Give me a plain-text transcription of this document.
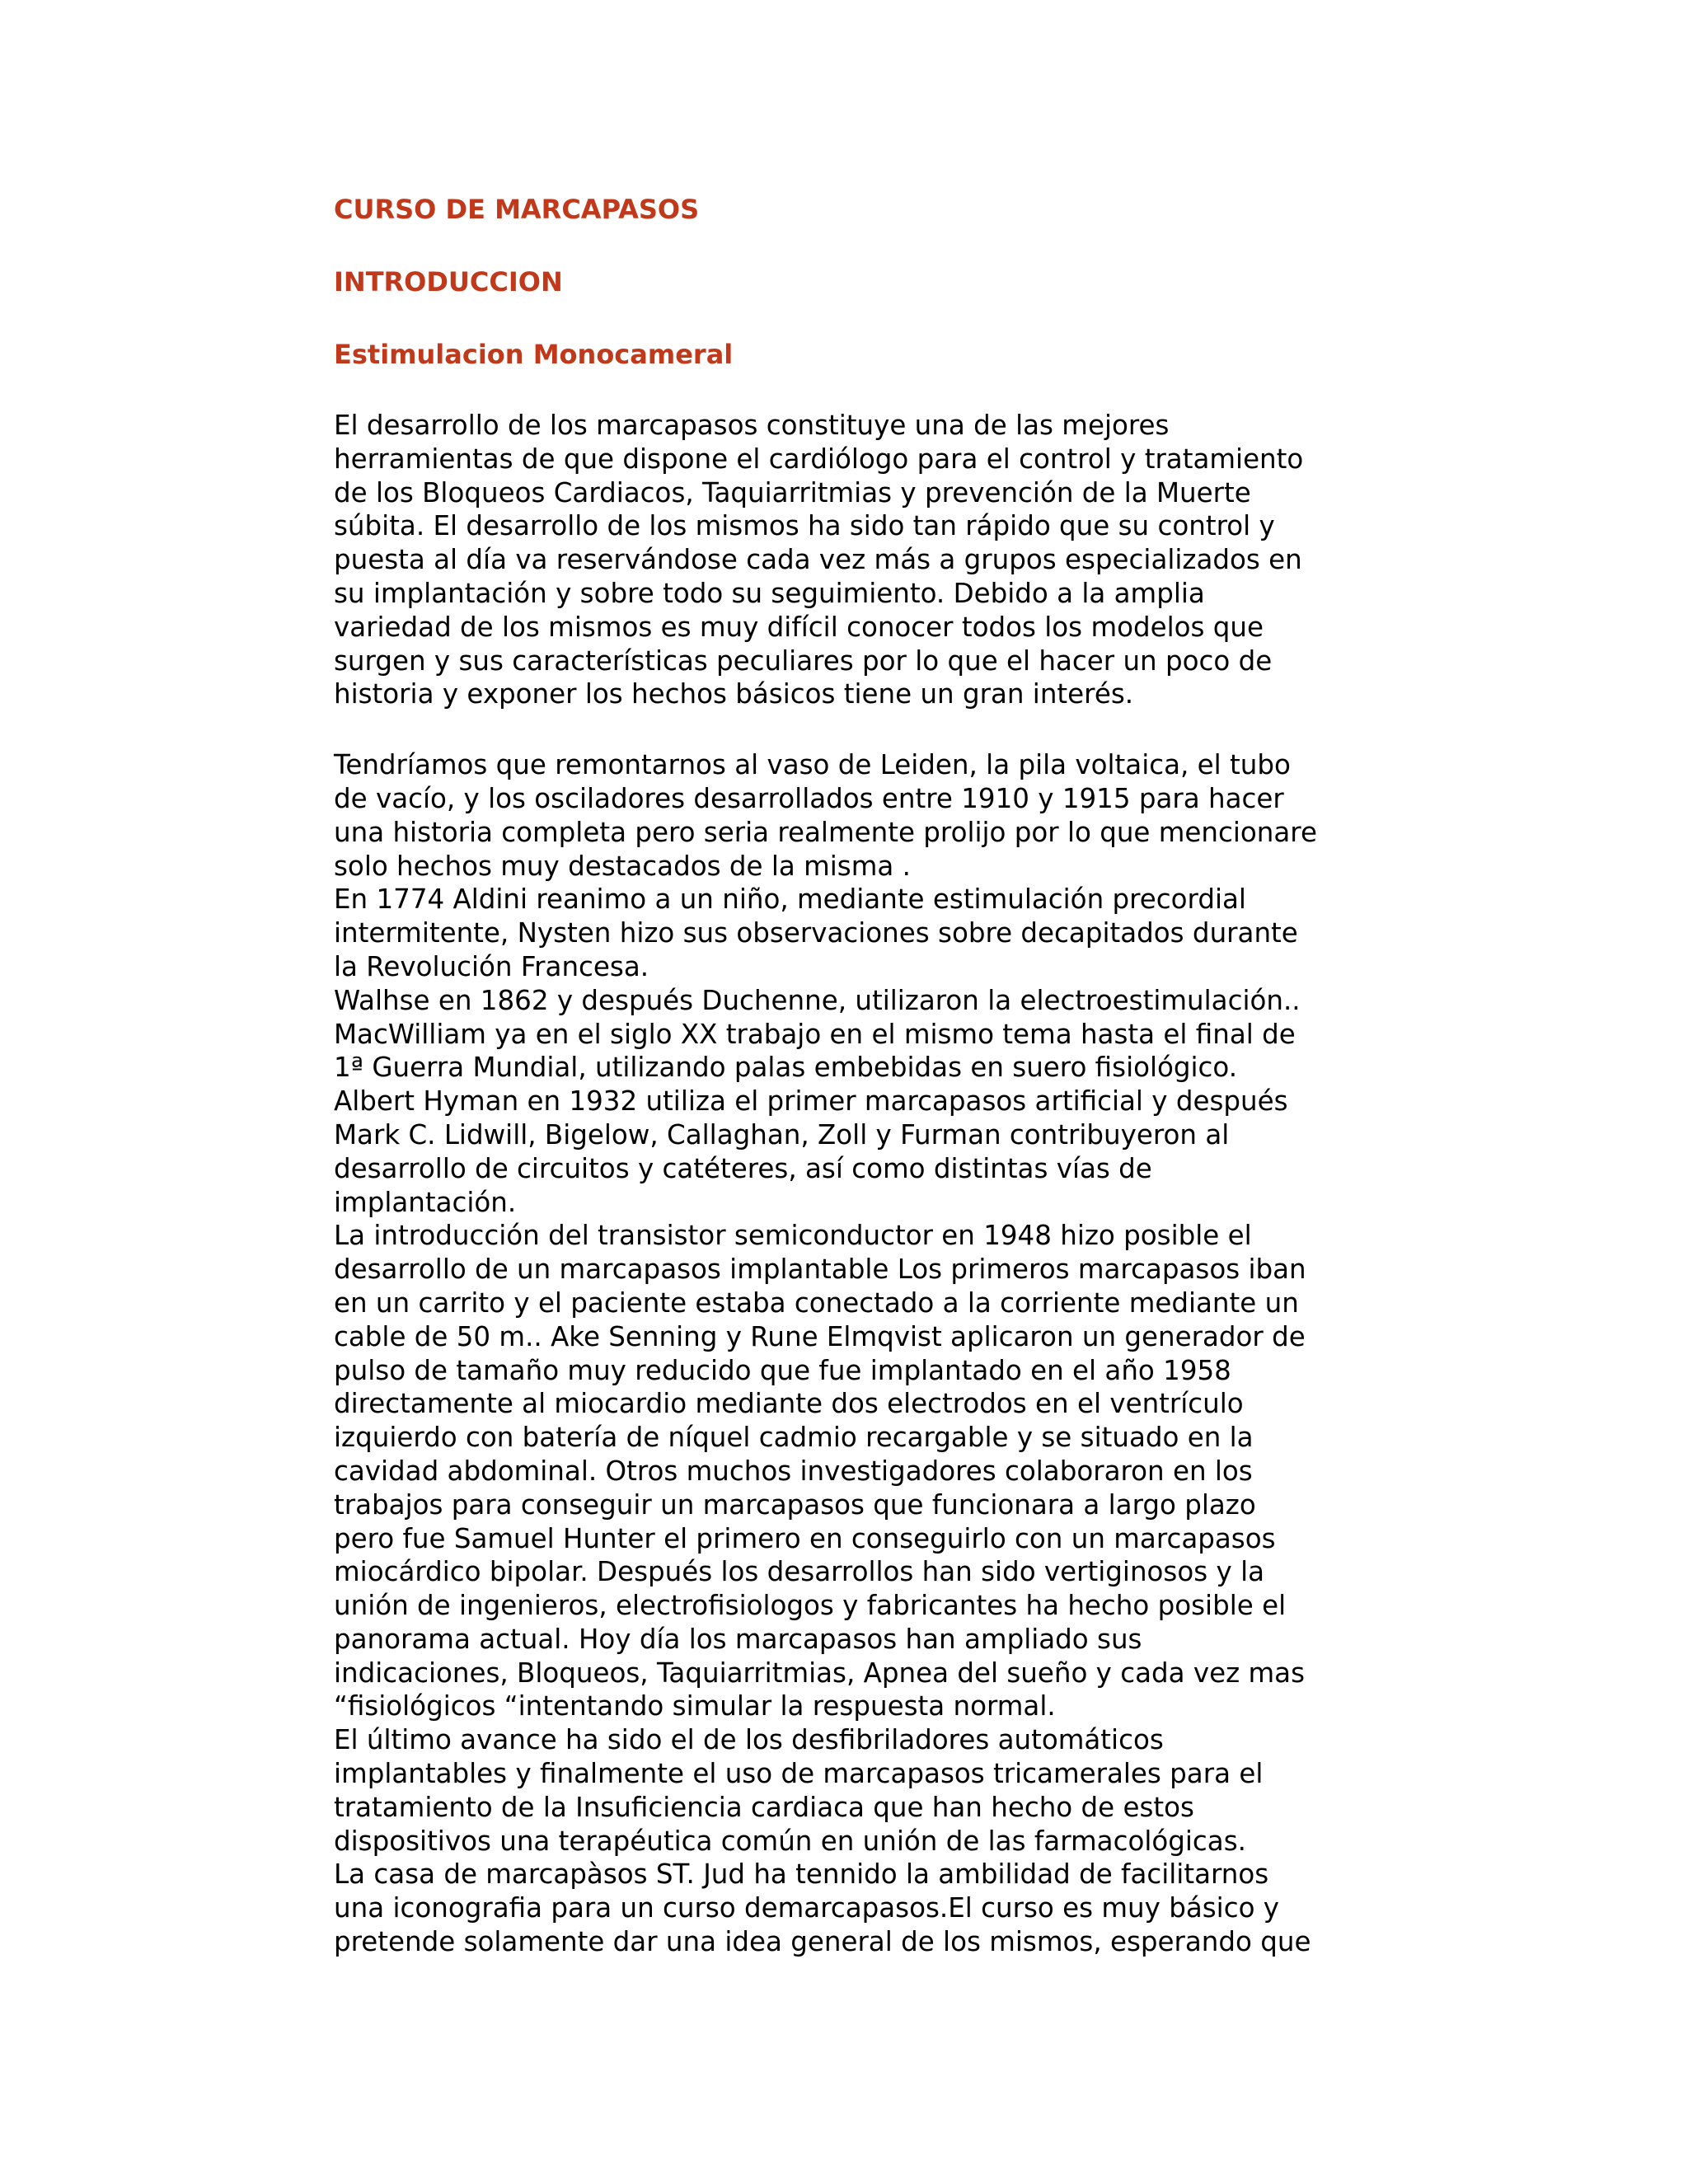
CURSO DE MARCAPASOS
INTRODUCCION
Estimulacion Monocameral

El desarrollo de los marcapasos constituye una de las mejores
herramientas de que dispone el cardiólogo para el control y tratamiento
de los Bloqueos Cardiacos, Taquiarritmias y prevención de la Muerte
súbita. El desarrollo de los mismos ha sido tan rápido que su control y
puesta al día va reservándose cada vez más a grupos especializados en
su implantación y sobre todo su seguimiento. Debido a la amplia
variedad de los mismos es muy difícil conocer todos los modelos que
surgen y sus características peculiares por lo que el hacer un poco de
historia y exponer los hechos básicos tiene un gran interés.

Tendríamos que remontarnos al vaso de Leiden, la pila voltaica, el tubo
de vacío, y los osciladores desarrollados entre 1910 y 1915 para hacer
una historia completa pero seria realmente prolijo por lo que mencionare
solo hechos muy destacados de la misma .
En 1774 Aldini reanimo a un niño, mediante estimulación precordial
intermitente, Nysten hizo sus observaciones sobre decapitados durante
la Revolución Francesa.
Walhse en 1862 y después Duchenne, utilizaron la electroestimulación..
MacWilliam ya en el siglo XX trabajo en el mismo tema hasta el final de
1ª Guerra Mundial, utilizando palas embebidas en suero fisiológico.
Albert Hyman en 1932 utiliza el primer marcapasos artificial y después
Mark C. Lidwill, Bigelow, Callaghan, Zoll y Furman contribuyeron al
desarrollo de circuitos y catéteres, así como distintas vías de
implantación.
La introducción del transistor semiconductor en 1948 hizo posible el
desarrollo de un marcapasos implantable Los primeros marcapasos iban
en un carrito y el paciente estaba conectado a la corriente mediante un
cable de 50 m.. Ake Senning y Rune Elmqvist aplicaron un generador de
pulso de tamaño muy reducido que fue implantado en el año 1958
directamente al miocardio mediante dos electrodos en el ventrículo
izquierdo con batería de níquel cadmio recargable y se situado en la
cavidad abdominal. Otros muchos investigadores colaboraron en los
trabajos para conseguir un marcapasos que funcionara a largo plazo
pero fue Samuel Hunter el primero en conseguirlo con un marcapasos
miocárdico bipolar. Después los desarrollos han sido vertiginosos y la
unión de ingenieros, electrofisiologos y fabricantes ha hecho posible el
panorama actual. Hoy día los marcapasos han ampliado sus
indicaciones, Bloqueos, Taquiarritmias, Apnea del sueño y cada vez mas
“fisiológicos “intentando simular la respuesta normal.
El último avance ha sido el de los desfibriladores automáticos
implantables y finalmente el uso de marcapasos tricamerales para el
tratamiento de la Insuficiencia cardiaca que han hecho de estos
dispositivos una terapéutica común en unión de las farmacológicas.
La casa de marcapàsos ST. Jud ha tennido la ambilidad de facilitarnos
una iconografia para un curso demarcapasos.El curso es muy básico y
pretende solamente dar una idea general de los mismos, esperando que
